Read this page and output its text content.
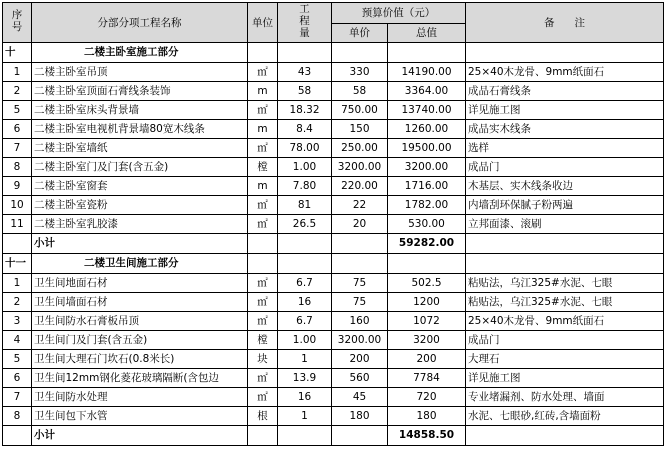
序
号	分部分项工程名称	单位	工
程
量	预算价值（元）		备      注
				单价	总值	
十	二楼主卧室施工部分					
1	二楼主卧室吊顶	㎡	43	330	14190.00	25×40木龙骨、9mm纸面石
2	二楼主卧室顶面石膏线条装饰	m	58	58	3364.00	成品石膏线条
5	二楼主卧室床头背景墙	㎡	18.32	750.00	13740.00	详见施工图
6	二楼主卧室电视机背景墙80宽木线条	m	8.4	150	1260.00	成品实木线条
7	二楼主卧室墙纸	㎡	78.00	250.00	19500.00	选样
8	二楼主卧室门及门套(含五金)	樘	1.00	3200.00	3200.00	成品门
9	二楼主卧室窗套	m	7.80	220.00	1716.00	木基层、实木线条收边
10	二楼主卧室瓷粉	㎡	81	22	1782.00	内墙刮环保腻子粉两遍
11	二楼主卧室乳胶漆	㎡	26.5	20	530.00	立邦面漆、滚刷
	小计				59282.00	
十一	二楼卫生间施工部分					
1	卫生间地面石材	㎡	6.7	75	502.5	粘贴法，乌江325#水泥、七眼
2	卫生间墙面石材	㎡	16	75	1200	粘贴法，乌江325#水泥、七眼
3	卫生间防水石膏板吊顶	㎡	6.7	160	1072	25×40木龙骨、9mm纸面石
4	卫生间门及门套(含五金)	樘	1.00	3200.00	3200	成品门
5	卫生间大理石门坎石(0.8米长)	块	1	200	200	大理石
6	卫生间12mm钢化菱花玻璃隔断(含包边	㎡	13.9	560	7784	详见施工图
7	卫生间防水处理	㎡	16	45	720	专业堵漏剂、防水处理、墙面
8	卫生间包下水管	根	1	180	180	水泥、七眼砂,红砖,含墙面粉
	小计				14858.50	
